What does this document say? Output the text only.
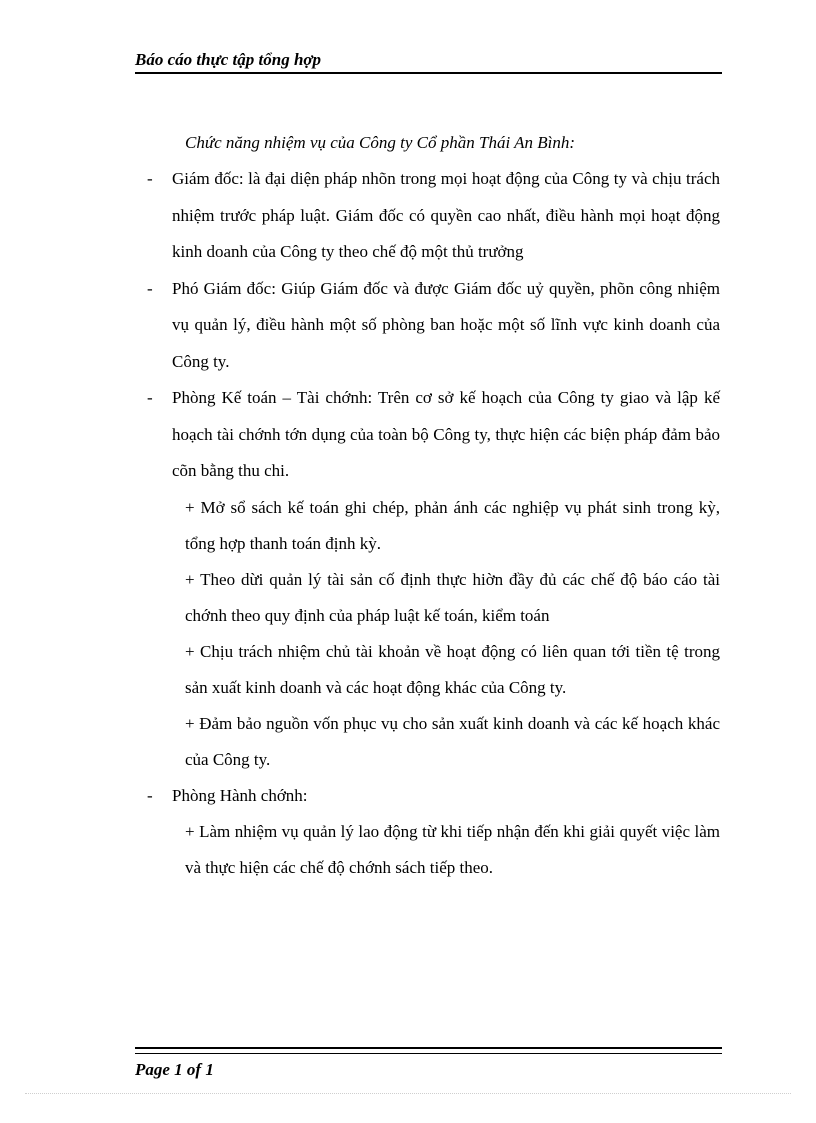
Báo cáo thực tập tổng hợp

Chức năng nhiệm vụ của Công ty Cổ phần Thái An Bình:

- Giám đốc: là đại diện pháp nhõn trong mọi hoạt động của Công ty và chịu trách nhiệm trước pháp luật. Giám đốc có quyền cao nhất, điều hành mọi hoạt động kinh doanh của Công ty theo chế độ một thủ trưởng
- Phó Giám đốc: Giúp Giám đốc và được Giám đốc uỷ quyền, phõn công nhiệm vụ quản lý, điều hành một số phòng ban hoặc một số lĩnh vực kinh doanh của Công ty.
- Phòng Kế toán – Tài chớnh: Trên cơ sở kế hoạch của Công ty giao và lập kế hoạch tài chớnh tớn dụng của toàn bộ Công ty, thực hiện các biện pháp đảm bảo cõn bằng thu chi.
+ Mở sổ sách kế toán ghi chép, phản ánh các nghiệp vụ phát sinh trong kỳ, tổng hợp thanh toán định kỳ.
+ Theo dừi quản lý tài sản cố định thực hiờn đầy đủ các chế độ báo cáo tài chớnh theo quy định của pháp luật kế toán, kiểm toán
+ Chịu trách nhiệm chủ tài khoản về hoạt động có liên quan tới tiền tệ trong sản xuất kinh doanh và các hoạt động khác của Công ty.
+ Đảm bảo nguồn vốn phục vụ cho sản xuất kinh doanh và các kế hoạch khác của Công ty.
- Phòng Hành chớnh:
+ Làm nhiệm vụ quản lý lao động từ khi tiếp nhận đến khi giải quyết việc làm và thực hiện các chế độ chớnh sách tiếp theo.
Page 1 of 1
